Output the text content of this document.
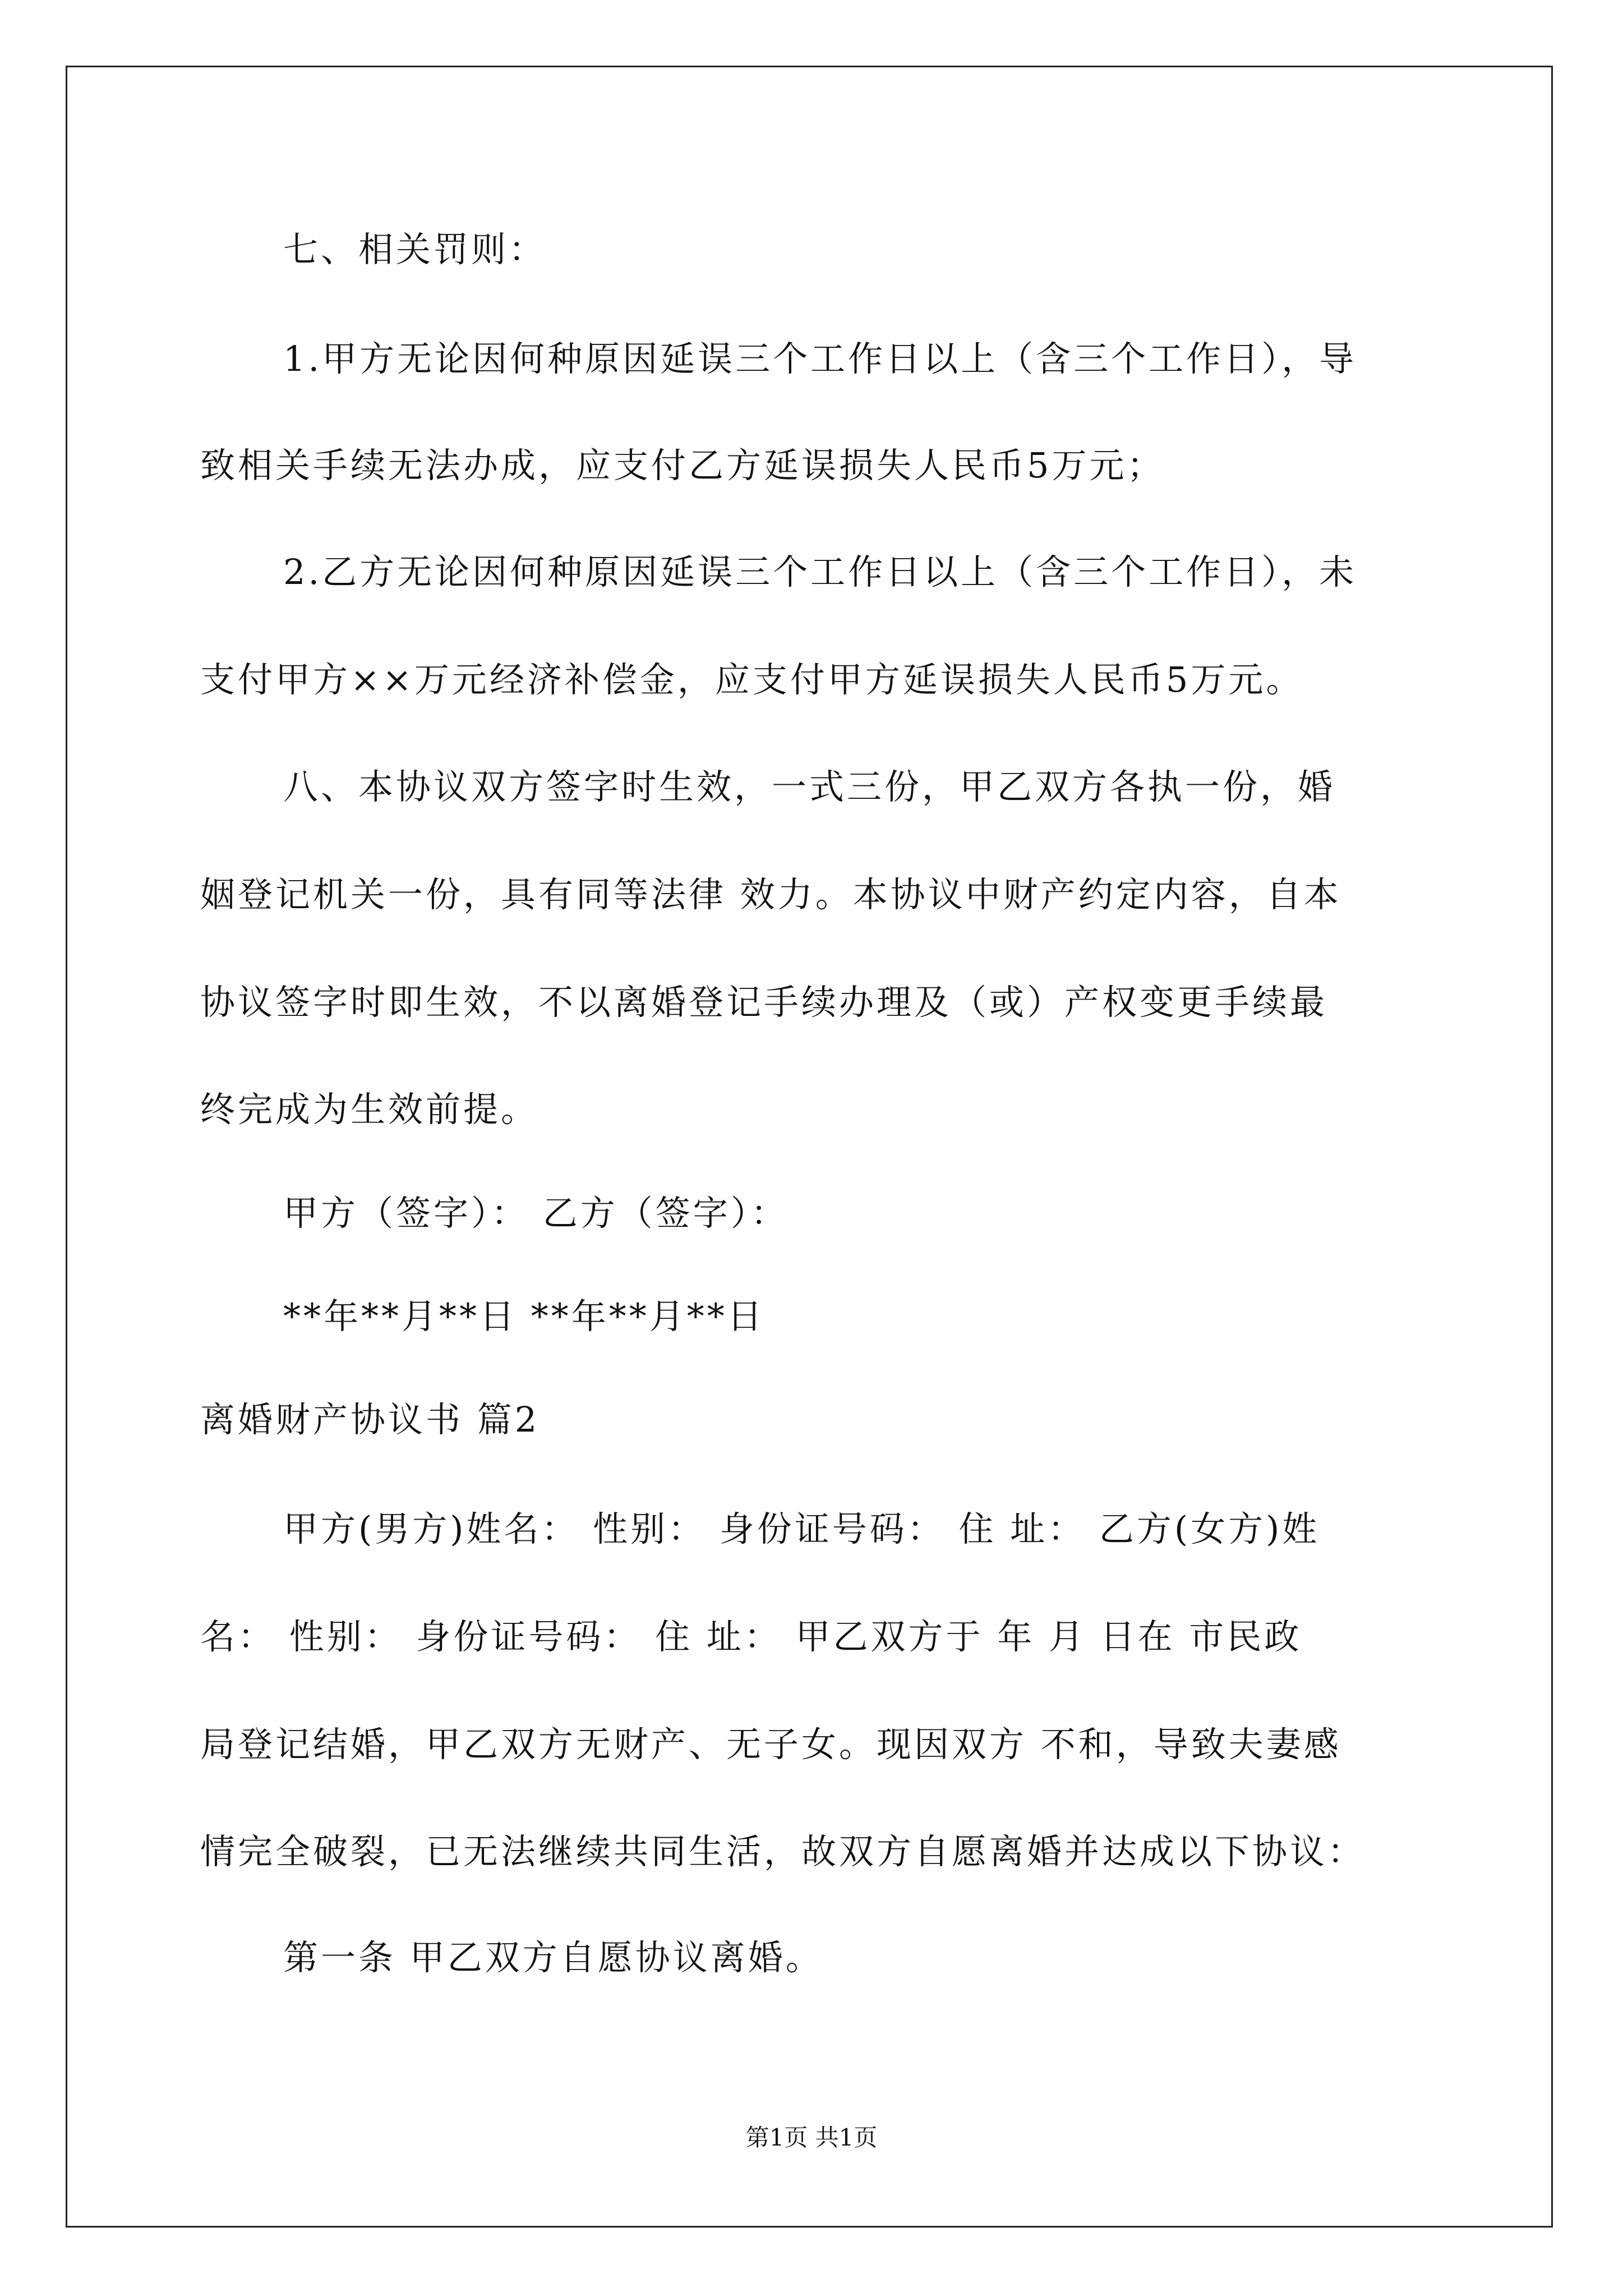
七、相关罚则：
1.甲方无论因何种原因延误三个工作日以上（含三个工作日），导
致相关手续无法办成，应支付乙方延误损失人民币5万元；
2.乙方无论因何种原因延误三个工作日以上（含三个工作日），未
支付甲方××万元经济补偿金，应支付甲方延误损失人民币5万元。
八、本协议双方签字时生效，一式三份，甲乙双方各执一份，婚
姻登记机关一份，具有同等法律 效力。本协议中财产约定内容，自本
协议签字时即生效，不以离婚登记手续办理及（或）产权变更手续最
终完成为生效前提。
甲方（签字）： 乙方（签字）：
**年**月**日 **年**月**日
离婚财产协议书 篇2
甲方(男方)姓名： 性别： 身份证号码： 住 址： 乙方(女方)姓
名： 性别： 身份证号码： 住 址： 甲乙双方于 年 月 日在 市民政
局登记结婚，甲乙双方无财产、无子女。现因双方 不和，导致夫妻感
情完全破裂，已无法继续共同生活，故双方自愿离婚并达成以下协议：
第一条 甲乙双方自愿协议离婚。
第1页 共1页
